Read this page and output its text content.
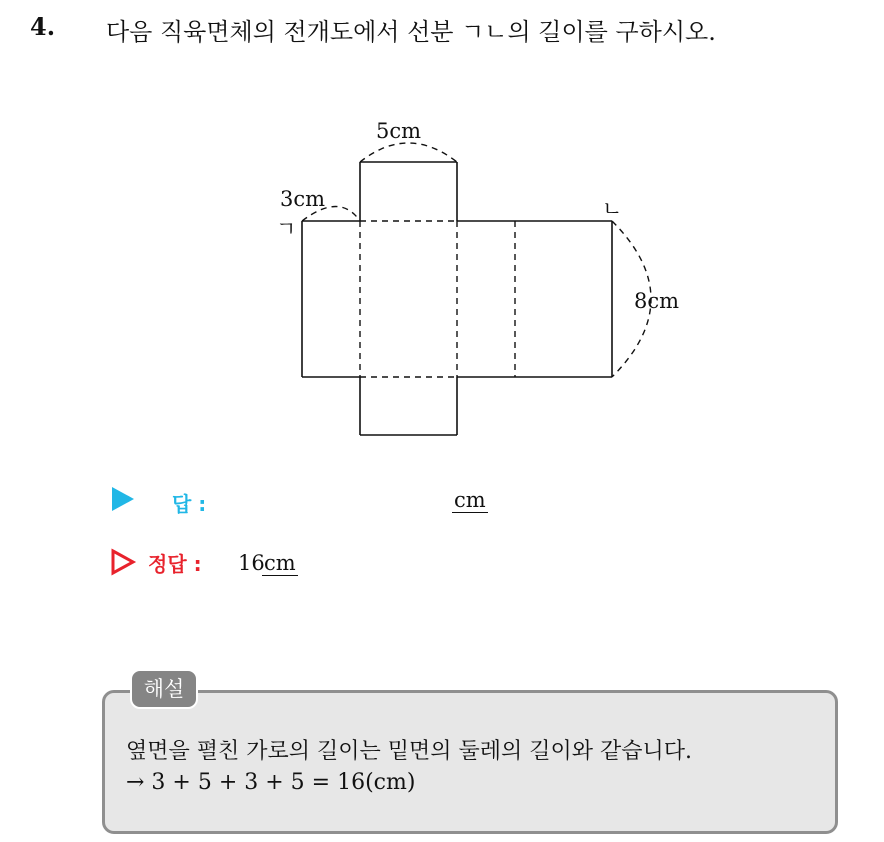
4. 다음 직육면체의 전개도에서 선분 ㄱㄴ의 길이를 구하시오.
5cm
3cm
8cm
ㄱ
ㄴ
답 :	cm
정답 : 16 cm
해설
옆면을 펼친 가로의 길이는 밑면의 둘레의 길이와 같습니다.
→ 3 + 5 + 3 + 5 = 16(cm)
